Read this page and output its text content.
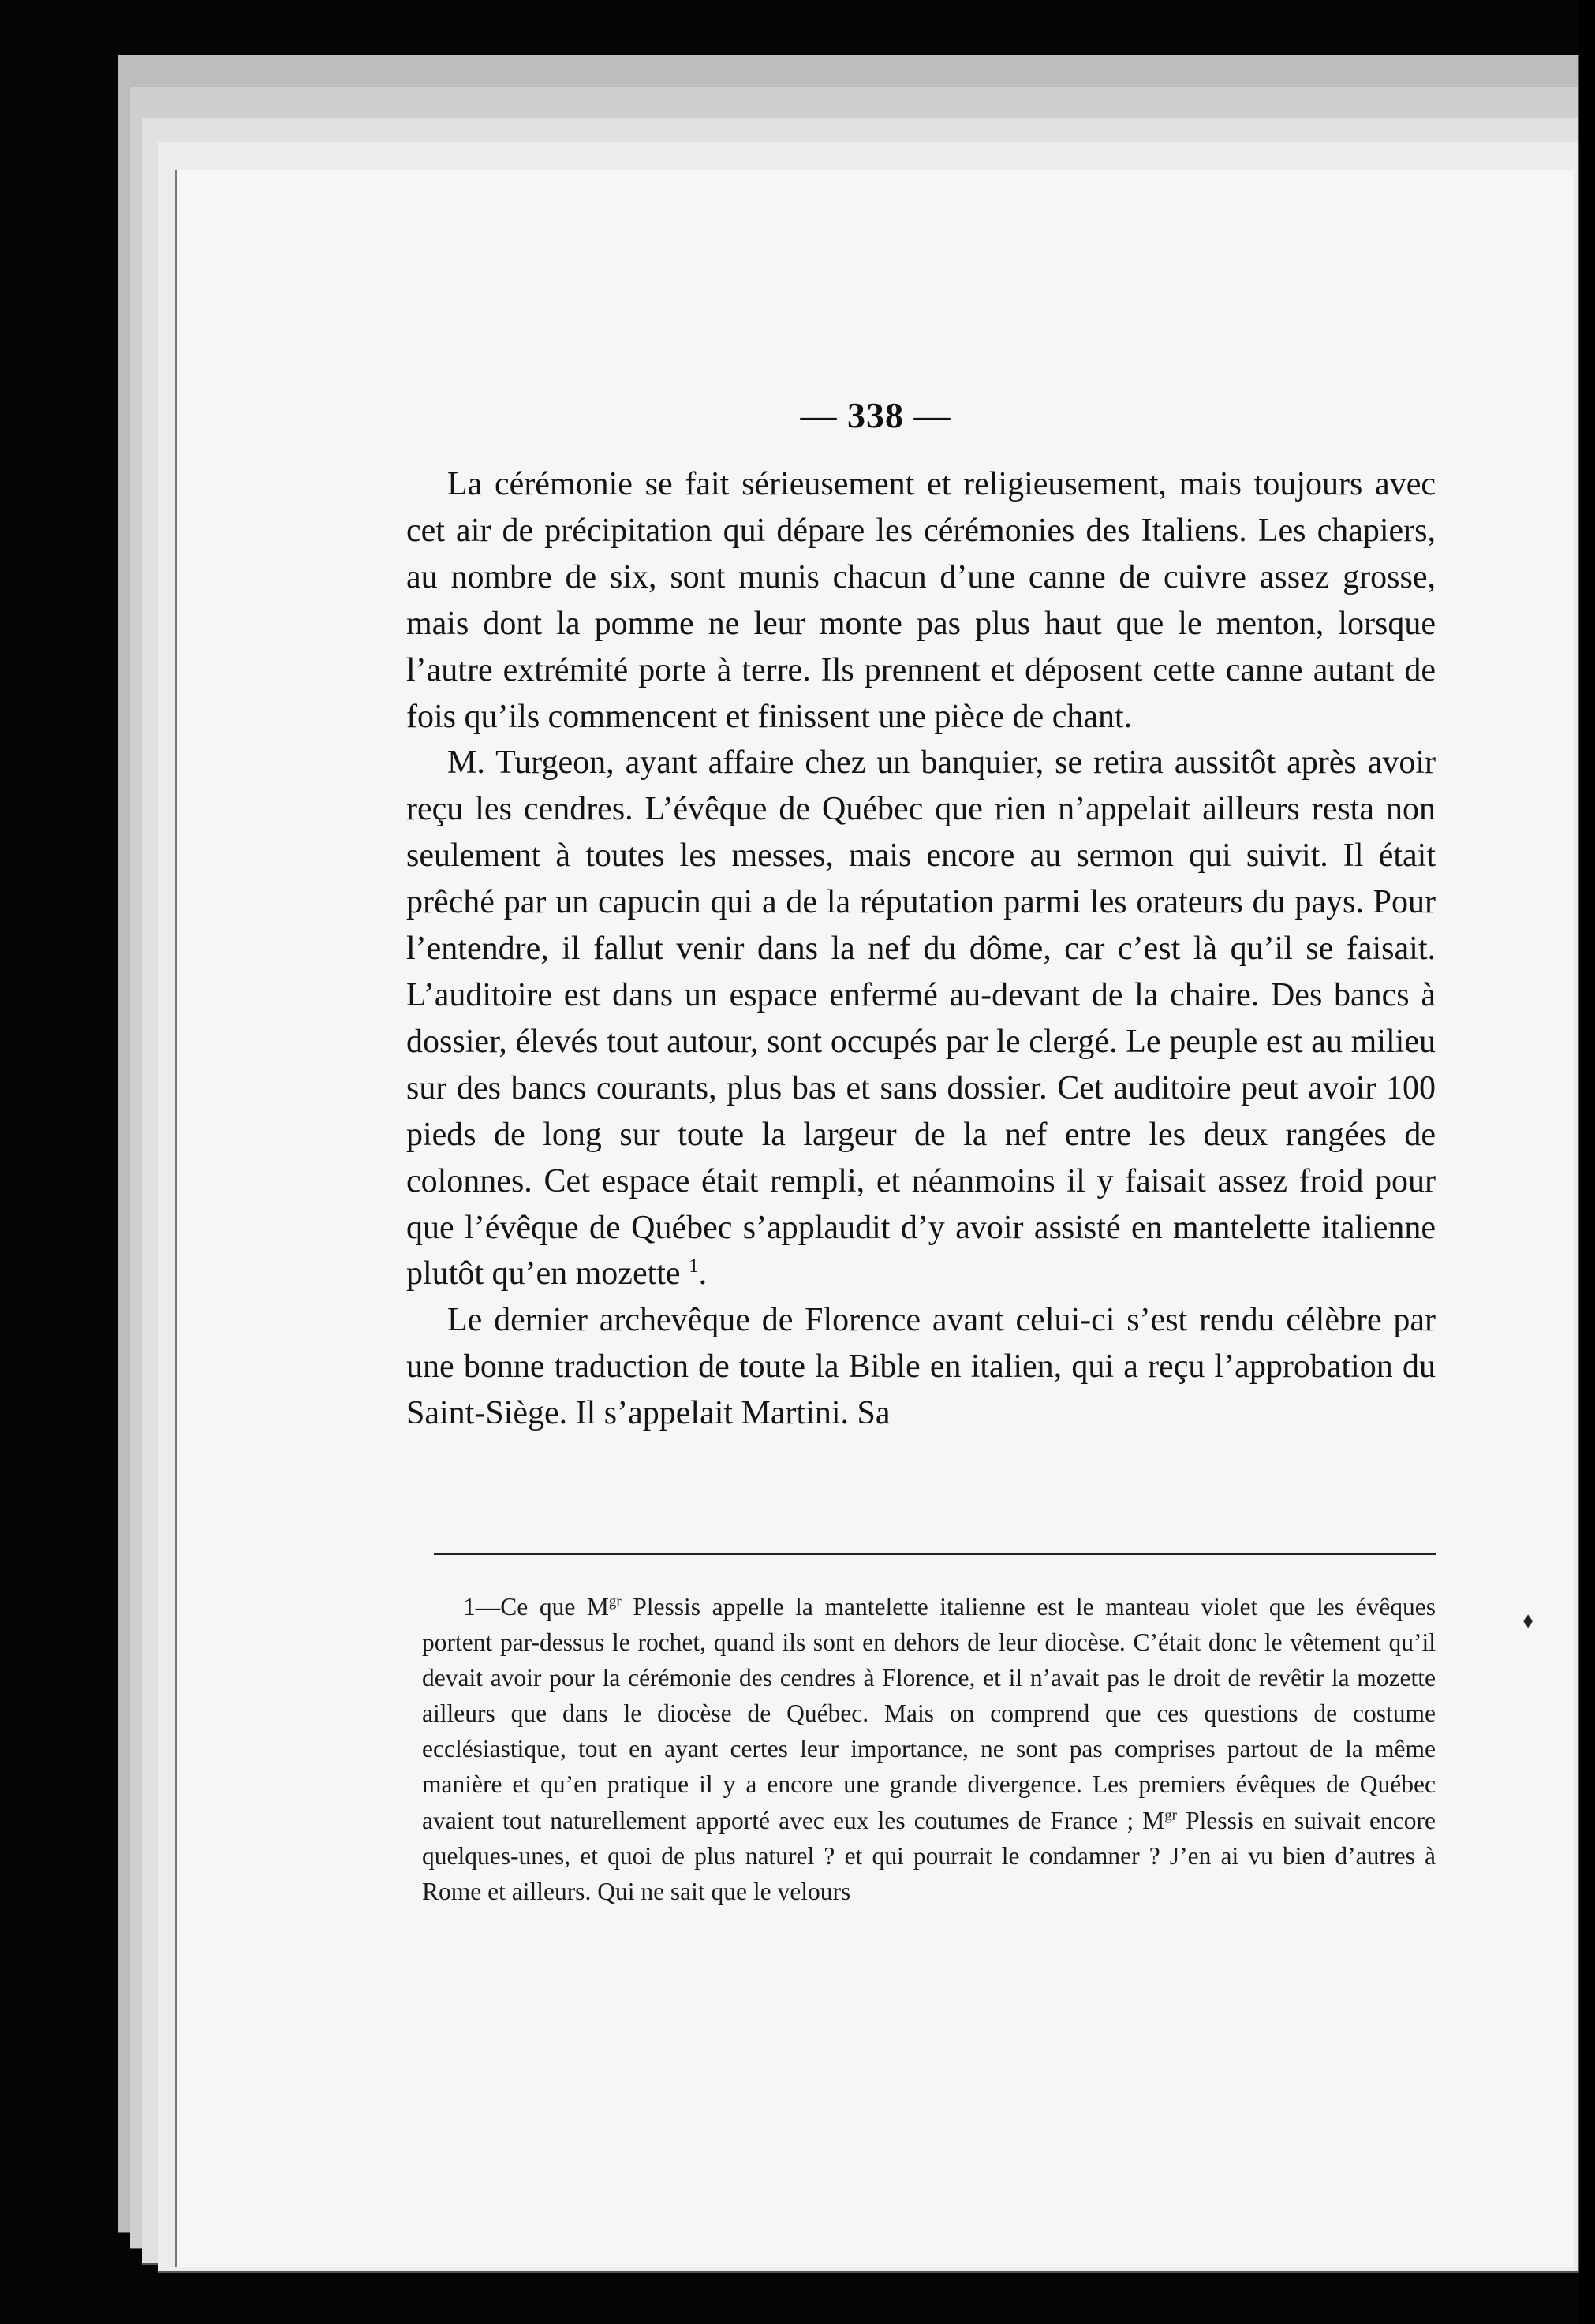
— 338 —

La cérémonie se fait sérieusement et religieusement, mais toujours avec cet air de précipitation qui dépare les cérémonies des Italiens. Les chapiers, au nombre de six, sont munis chacun d’une canne de cuivre assez grosse, mais dont la pomme ne leur monte pas plus haut que le menton, lorsque l’autre extrémité porte à terre. Ils prennent et déposent cette canne autant de fois qu’ils commencent et finissent une pièce de chant.

M. Turgeon, ayant affaire chez un banquier, se retira aussitôt après avoir reçu les cendres. L’évêque de Québec que rien n’appelait ailleurs resta non seulement à toutes les messes, mais encore au sermon qui suivit. Il était prêché par un capucin qui a de la réputation parmi les orateurs du pays. Pour l’entendre, il fallut venir dans la nef du dôme, car c’est là qu’il se faisait. L’auditoire est dans un espace enfermé au-devant de la chaire. Des bancs à dossier, élevés tout autour, sont occupés par le clergé. Le peuple est au milieu sur des bancs courants, plus bas et sans dossier. Cet auditoire peut avoir 100 pieds de long sur toute la largeur de la nef entre les deux rangées de colonnes. Cet espace était rempli, et néanmoins il y faisait assez froid pour que l’évêque de Québec s’applaudit d’y avoir assisté en mantelette italienne plutôt qu’en mozette $^1$.

Le dernier archevêque de Florence avant celui-ci s’est rendu célèbre par une bonne traduction de toute la Bible en italien, qui a reçu l’approbation du Saint-Siège. Il s’appelait Martini. Sa

1—Ce que $M^{gr}$ Plessis appelle la mantelette italienne est le manteau violet que les évêques portent par-dessus le rochet, quand ils sont en dehors de leur diocèse. C’était donc le vêtement qu’il devait avoir pour la cérémonie des cendres à Florence, et il n’avait pas le droit de revêtir la mozette ailleurs que dans le diocèse de Québec. Mais on comprend que ces questions de costume ecclésiastique, tout en ayant certes leur importance, ne sont pas comprises partout de la même manière et qu’en pratique il y a encore une grande divergence. Les premiers évêques de Québec avaient tout naturellement apporté avec eux les coutumes de France ; $M^{gr}$ Plessis en suivait encore quelques-unes, et quoi de plus naturel ? et qui pourrait le condamner ? J’en ai vu bien d’autres à Rome et ailleurs. Qui ne sait que le velours

♦
